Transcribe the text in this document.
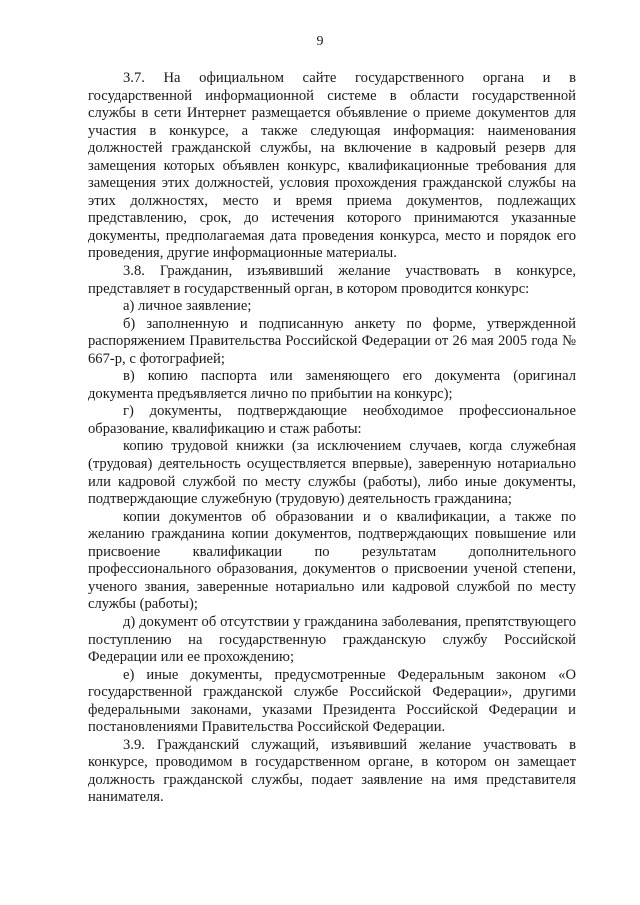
9

3.7. На официальном сайте государственного органа и в государственной информационной системе в области государственной службы в сети Интернет размещается объявление о приеме документов для участия в конкурсе, а также следующая информация: наименования должностей гражданской службы, на включение в кадровый резерв для замещения которых объявлен конкурс, квалификационные требования для замещения этих должностей, условия прохождения гражданской службы на этих должностях, место и время приема документов, подлежащих представлению, срок, до истечения которого принимаются указанные документы, предполагаемая дата проведения конкурса, место и порядок его проведения, другие информационные материалы.

3.8. Гражданин, изъявивший желание участвовать в конкурсе, представляет в государственный орган, в котором проводится конкурс:

а) личное заявление;

б) заполненную и подписанную анкету по форме, утвержденной распоряжением Правительства Российской Федерации от 26 мая 2005 года № 667-р, с фотографией;

в) копию паспорта или заменяющего его документа (оригинал документа предъявляется лично по прибытии на конкурс);

г) документы, подтверждающие необходимое профессиональное образование, квалификацию и стаж работы:

копию трудовой книжки (за исключением случаев, когда служебная (трудовая) деятельность осуществляется впервые), заверенную нотариально или кадровой службой по месту службы (работы), либо иные документы, подтверждающие служебную (трудовую) деятельность гражданина;

копии документов об образовании и о квалификации, а также по желанию гражданина копии документов, подтверждающих повышение или присвоение квалификации по результатам дополнительного профессионального образования, документов о присвоении ученой степени, ученого звания, заверенные нотариально или кадровой службой по месту службы (работы);

д) документ об отсутствии у гражданина заболевания, препятствующего поступлению на государственную гражданскую службу Российской Федерации или ее прохождению;

е) иные документы, предусмотренные Федеральным законом «О государственной гражданской службе Российской Федерации», другими федеральными законами, указами Президента Российской Федерации и постановлениями Правительства Российской Федерации.

3.9. Гражданский служащий, изъявивший желание участвовать в конкурсе, проводимом в государственном органе, в котором он замещает должность гражданской службы, подает заявление на имя представителя нанимателя.
